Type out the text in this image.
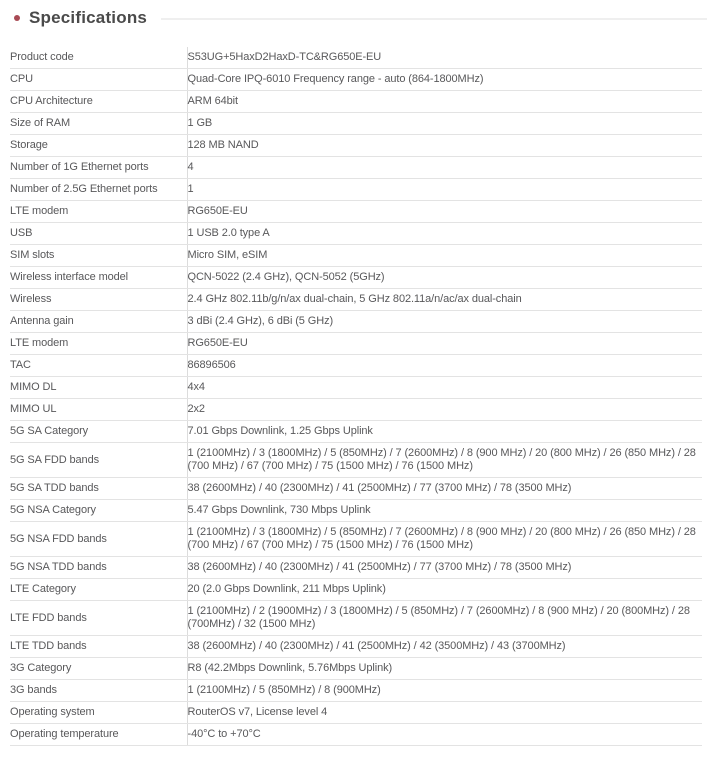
Specifications
Product code	S53UG+5HaxD2HaxD-TC&RG650E-EU
CPU	Quad-Core IPQ-6010 Frequency range - auto (864-1800MHz)
CPU Architecture	ARM 64bit
Size of RAM	1 GB
Storage	128 MB NAND
Number of 1G Ethernet ports	4
Number of 2.5G Ethernet ports	1
LTE modem	RG650E-EU
USB	1 USB 2.0 type A
SIM slots	Micro SIM, eSIM
Wireless interface model	QCN-5022 (2.4 GHz), QCN-5052 (5GHz)
Wireless	2.4 GHz 802.11b/g/n/ax dual-chain, 5 GHz 802.11a/n/ac/ax dual-chain
Antenna gain	3 dBi (2.4 GHz), 6 dBi (5 GHz)
LTE modem	RG650E-EU
TAC	86896506
MIMO DL	4x4
MIMO UL	2x2
5G SA Category	7.01 Gbps Downlink, 1.25 Gbps Uplink
5G SA FDD bands	1 (2100MHz) / 3 (1800MHz) / 5 (850MHz) / 7 (2600MHz) / 8 (900 MHz) / 20 (800 MHz) / 26 (850 MHz) / 28 (700 MHz) / 67 (700 MHz) / 75 (1500 MHz) / 76 (1500 MHz)
5G SA TDD bands	38 (2600MHz) / 40 (2300MHz) / 41 (2500MHz) / 77 (3700 MHz) / 78 (3500 MHz)
5G NSA Category	5.47 Gbps Downlink, 730 Mbps Uplink
5G NSA FDD bands	1 (2100MHz) / 3 (1800MHz) / 5 (850MHz) / 7 (2600MHz) / 8 (900 MHz) / 20 (800 MHz) / 26 (850 MHz) / 28 (700 MHz) / 67 (700 MHz) / 75 (1500 MHz) / 76 (1500 MHz)
5G NSA TDD bands	38 (2600MHz) / 40 (2300MHz) / 41 (2500MHz) / 77 (3700 MHz) / 78 (3500 MHz)
LTE Category	20 (2.0 Gbps Downlink, 211 Mbps Uplink)
LTE FDD bands	1 (2100MHz) / 2 (1900MHz) / 3 (1800MHz) / 5 (850MHz) / 7 (2600MHz) / 8 (900 MHz) / 20 (800MHz) / 28 (700MHz) / 32 (1500 MHz)
LTE TDD bands	38 (2600MHz) / 40 (2300MHz) / 41 (2500MHz) / 42 (3500MHz) / 43 (3700MHz)
3G Category	R8 (42.2Mbps Downlink, 5.76Mbps Uplink)
3G bands	1 (2100MHz) / 5 (850MHz) / 8 (900MHz)
Operating system	RouterOS v7, License level 4
Operating temperature	-40°C to +70°C
